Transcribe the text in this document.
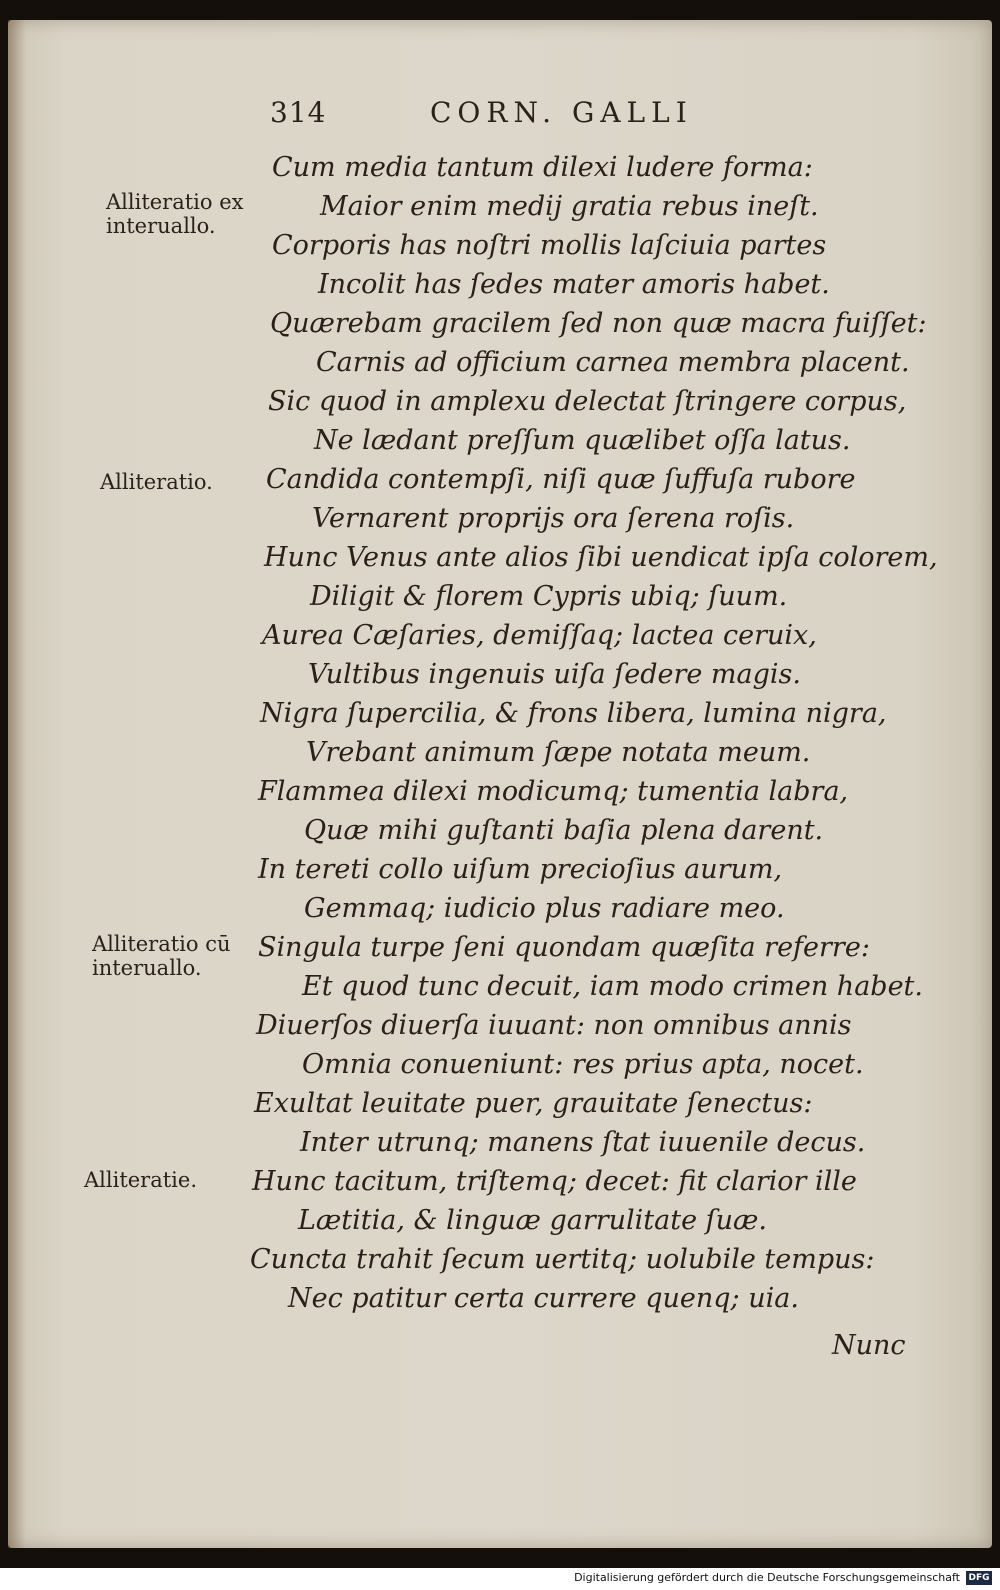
314	CORN. GALLI
Alliteratio ex
interuallo.
Alliteratio.
Alliteratio cū
interuallo.
Alliteratie.
Cum media tantum dilexi ludere forma:
Maior enim medij gratia rebus ineſt.
Corporis has noſtri mollis laſciuia partes
Incolit has ſedes mater amoris habet.
Quærebam gracilem ſed non quæ macra fuiſſet:
Carnis ad officium carnea membra placent.
Sic quod in amplexu delectat ſtringere corpus,
Ne lædant preſſum quælibet oſſa latus.
Candida contempſi, niſi quæ ſuffuſa rubore
Vernarent proprijs ora ſerena roſis.
Hunc Venus ante alios ſibi uendicat ipſa colorem,
Diligit & florem Cypris ubiq; ſuum.
Aurea Cæſaries, demiſſaq; lactea ceruix,
Vultibus ingenuis uiſa ſedere magis.
Nigra ſupercilia, & frons libera, lumina nigra,
Vrebant animum ſæpe notata meum.
Flammea dilexi modicumq; tumentia labra,
Quæ mihi guſtanti baſia plena darent.
In tereti collo uiſum precioſius aurum,
Gemmaq; iudicio plus radiare meo.
Singula turpe ſeni quondam quæſita referre:
Et quod tunc decuit, iam modo crimen habet.
Diuerſos diuerſa iuuant: non omnibus annis
Omnia conueniunt: res prius apta, nocet.
Exultat leuitate puer, grauitate ſenectus:
Inter utrunq; manens ſtat iuuenile decus.
Hunc tacitum, triſtemq; decet: fit clarior ille
Lætitia, & linguæ garrulitate ſuæ.
Cuncta trahit ſecum uertitq; uolubile tempus:
Nec patitur certa currere quenq; uia.
Nunc
Digitalisierung gefördert durch die Deutsche Forschungsgemeinschaft DFG
